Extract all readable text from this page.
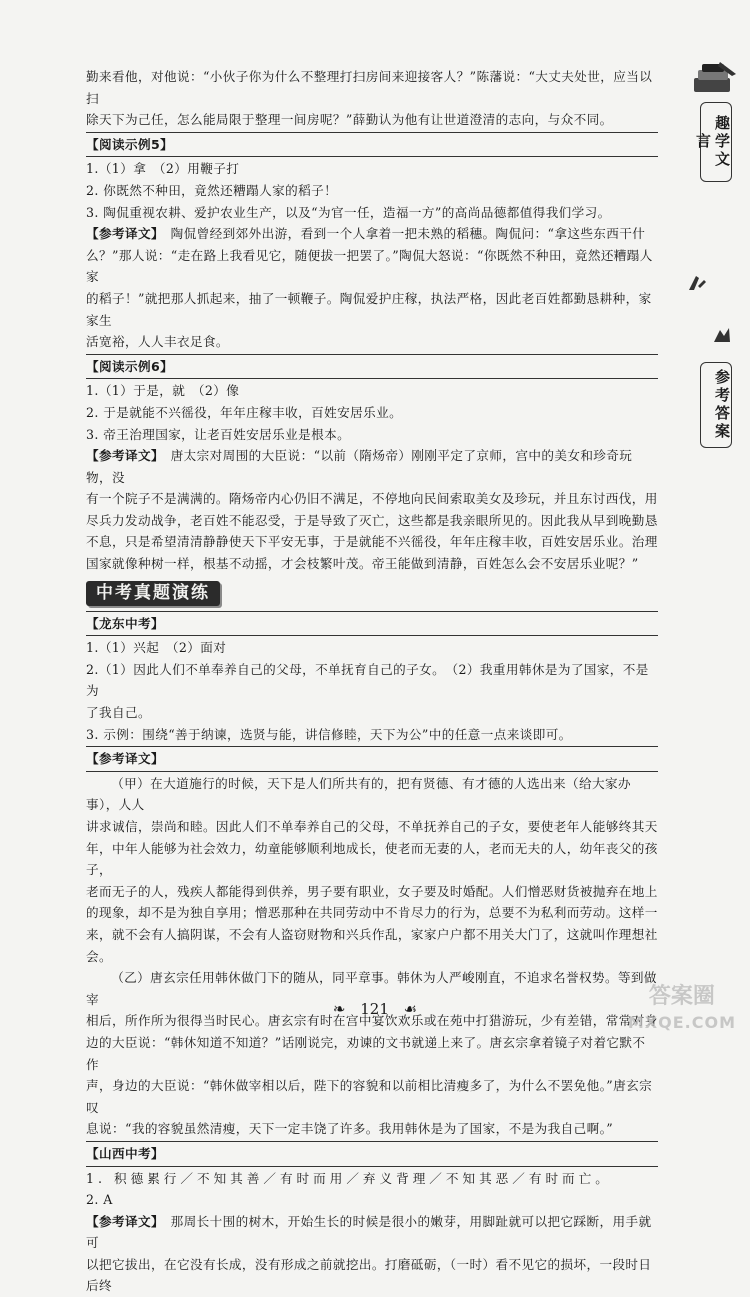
趣学文言
参考答案

勤来看他，对他说：“小伙子你为什么不整理打扫房间来迎接客人？”陈藩说：“大丈夫处世，应当以扫

除天下为己任，怎么能局限于整理一间房呢？”薛勤认为他有让世道澄清的志向，与众不同。

【阅读示例5】

1.（1）拿　（2）用鞭子打

2. 你既然不种田，竟然还糟蹋人家的稻子！

3. 陶侃重视农耕、爱护农业生产，以及“为官一任，造福一方”的高尚品德都值得我们学习。

【参考译文】　 陶侃曾经到郊外出游，看到一个人拿着一把未熟的稻穗。陶侃问：“拿这些东西干什

么？”那人说：“走在路上我看见它，随便拔一把罢了。”陶侃大怒说：“你既然不种田，竟然还糟蹋人家

的稻子！”就把那人抓起来，抽了一顿鞭子。陶侃爱护庄稼，执法严格，因此老百姓都勤恳耕种，家家生

活宽裕，人人丰衣足食。

【阅读示例6】

1.（1）于是，就　（2）像

2. 于是就能不兴徭役，年年庄稼丰收，百姓安居乐业。

3. 帝王治理国家，让老百姓安居乐业是根本。

【参考译文】　 唐太宗对周围的大臣说：“以前（隋炀帝）刚刚平定了京师，宫中的美女和珍奇玩物，没

有一个院子不是满满的。隋炀帝内心仍旧不满足，不停地向民间索取美女及珍玩，并且东讨西伐，用

尽兵力发动战争，老百姓不能忍受，于是导致了灭亡，这些都是我亲眼所见的。因此我从早到晚勤恳

不息，只是希望清清静静使天下平安无事，于是就能不兴徭役，年年庄稼丰收，百姓安居乐业。治理

国家就像种树一样，根基不动摇，才会枝繁叶茂。帝王能做到清静，百姓怎么会不安居乐业呢？”

中考真题演练

【龙东中考】

1.（1）兴起　（2）面对

2.（1）因此人们不单奉养自己的父母，不单抚育自己的子女。　（2）我重用韩休是为了国家，不是为

了我自己。

3. 示例：围绕“善于纳谏，选贤与能，讲信修睦，天下为公”中的任意一点来谈即可。

【参考译文】

（甲）在大道施行的时候，天下是人们所共有的，把有贤德、有才德的人选出来（给大家办事），人人

讲求诚信，崇尚和睦。因此人们不单奉养自己的父母，不单抚养自己的子女，要使老年人能够终其天

年，中年人能够为社会效力，幼童能够顺利地成长，使老而无妻的人，老而无夫的人，幼年丧父的孩子，

老而无子的人，残疾人都能得到供养，男子要有职业，女子要及时婚配。人们憎恶财货被抛弃在地上

的现象，却不是为独自享用；憎恶那种在共同劳动中不肯尽力的行为，总要不为私利而劳动。这样一

来，就不会有人搞阴谋，不会有人盗窃财物和兴兵作乱，家家户户都不用关大门了，这就叫作理想社会。

（乙）唐玄宗任用韩休做门下的随从，同平章事。韩休为人严峻刚直，不追求名誉权势。等到做宰

相后，所作所为很得当时民心。唐玄宗有时在宫中宴饮欢乐或在苑中打猎游玩，少有差错，常常对身

边的大臣说：“韩休知道不知道？”话刚说完，劝谏的文书就递上来了。唐玄宗拿着镜子对着它默不作

声，身边的大臣说：“韩休做宰相以后，陛下的容貌和以前相比清瘦多了，为什么不罢免他。”唐玄宗叹

息说：“我的容貌虽然清瘦，天下一定丰饶了许多。我用韩休是为了国家，不是为我自己啊。”

【山西中考】

1. 积德累行／不知其善／有时而用／弃义背理／不知其恶／有时而亡。

2. A

【参考译文】　 那周长十围的树木，开始生长的时候是很小的嫩芽，用脚趾就可以把它踩断，用手就可

以把它拔出，在它没有长成，没有形成之前就挖出。打磨砥砺，（一时）看不见它的损坏，一段时日后终

❧ 121 ☙	答案圈
MXQE.COM
